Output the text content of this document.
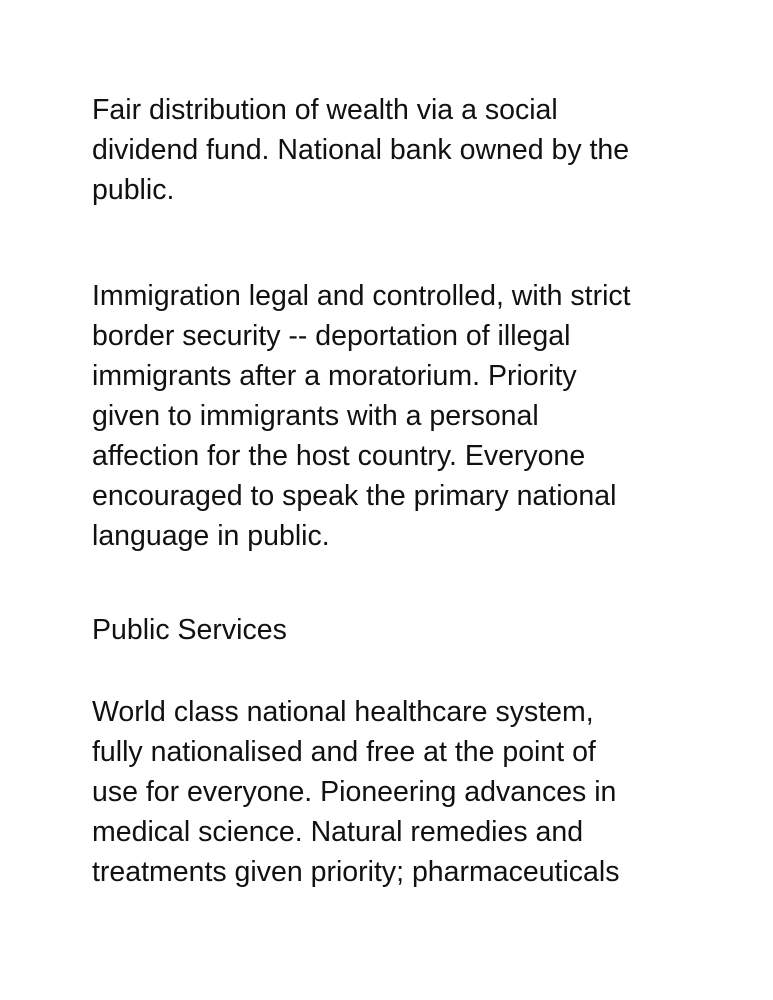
Fair distribution of wealth via a social
dividend fund. National bank owned by the
public.

Immigration legal and controlled, with strict
border security -- deportation of illegal
immigrants after a moratorium. Priority
given to immigrants with a personal
affection for the host country. Everyone
encouraged to speak the primary national
language in public.

Public Services

World class national healthcare system,
fully nationalised and free at the point of
use for everyone. Pioneering advances in
medical science. Natural remedies and
treatments given priority; pharmaceuticals
